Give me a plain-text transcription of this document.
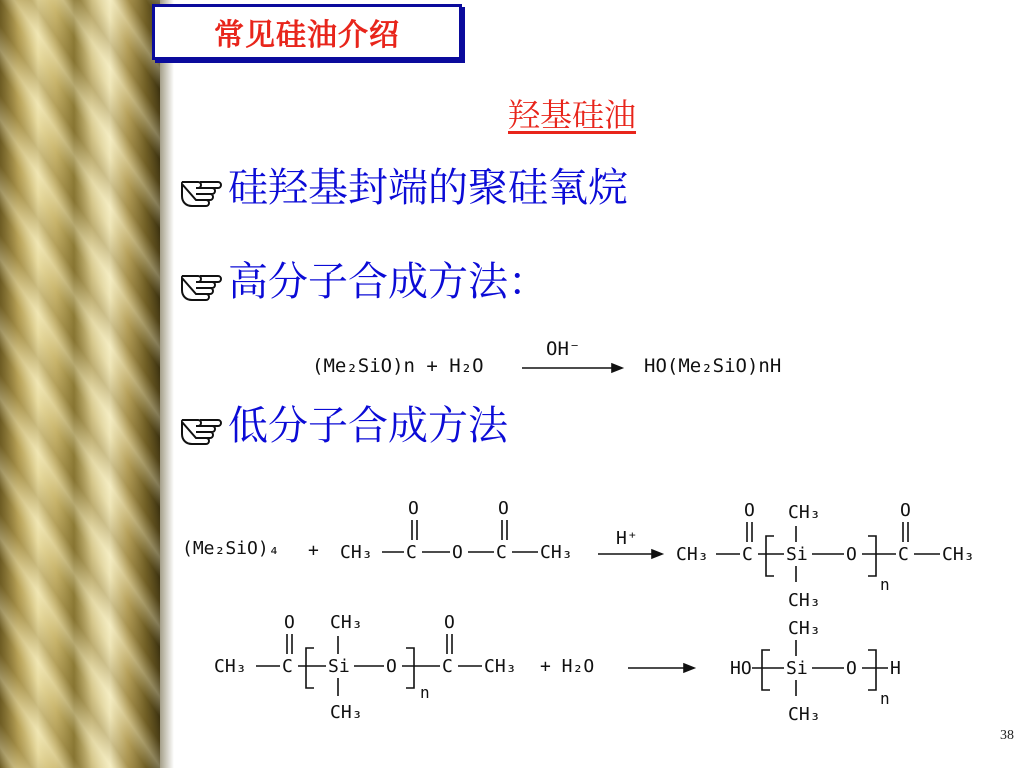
常见硅油介绍
羟基硅油
硅羟基封端的聚硅氧烷
高分子合成方法：
低分子合成方法
(Me₂SiO)n + H₂O
OH⁻
HO(Me₂SiO)nH
(Me₂SiO)₄ + CH₃ C O C CH₃
O	O
H⁺
CH₃ C
O
Si
CH₃
CH₃
O
n
C
O
CH₃
CH₃ C
O
Si
CH₃
CH₃
O
n
C
O
CH₃ + H₂O	HO Si
CH₃
CH₃
O
n
H
38
